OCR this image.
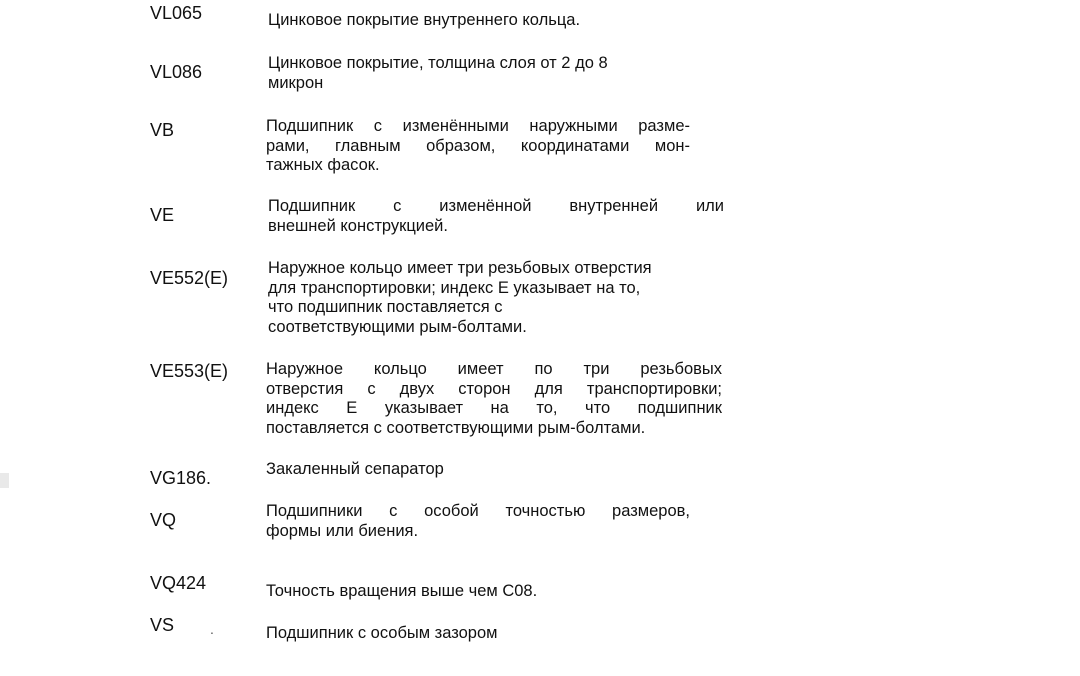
VL065	Цинковое покрытие внутреннего кольца.
VL086	Цинковое покрытие, толщина слоя от 2 до 8
микрон
VB	Подшипник с изменёнными наружными разме-
рами, главным образом, координатами мон-
тажных фасок.
VE	Подшипник с изменённой внутренней или
внешней конструкцией.
VE552(E) Наружное кольцо имеет три резьбовых отверстия
для транспортировки; индекс Е указывает на то,
что подшипник поставляется с
соответствующими рым-болтами.
VE553(E) Наружное кольцо имеет по три резьбовых
отверстия с двух сторон для транспортировки;
индекс Е указывает на то, что подшипник
поставляется с соответствующими рым-болтами.
VG186.	Закаленный сепаратор
VQ	Подшипники с особой точностью размеров,
формы или биения.
VQ424	Точность вращения выше чем С08.
VS	.	Подшипник с особым зазором
